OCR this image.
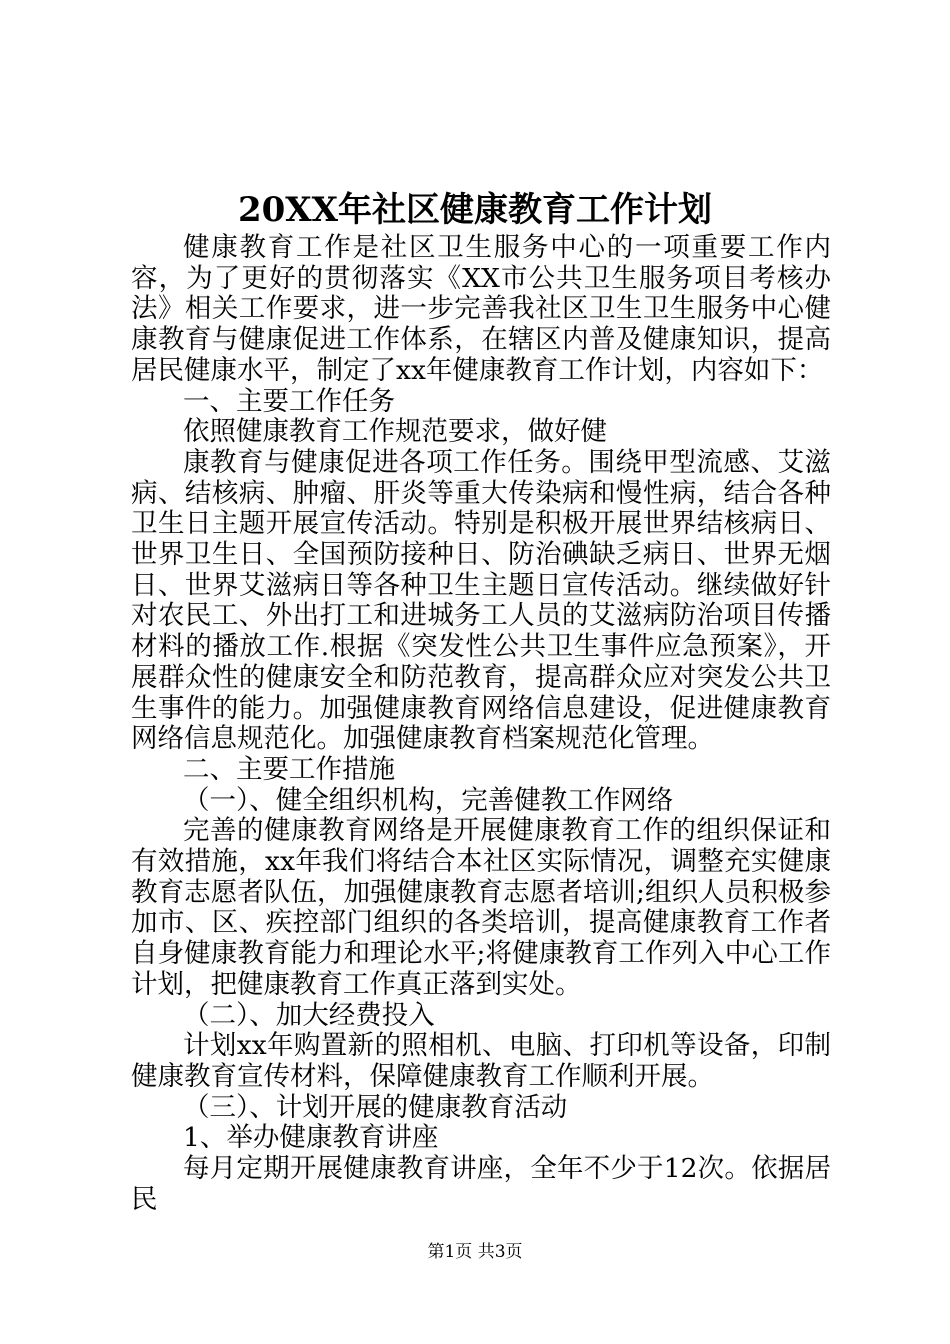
20XX年社区健康教育工作计划

健康教育工作是社区卫生服务中心的一项重要工作内容，为了更好的贯彻落实《XX市公共卫生服务项目考核办法》相关工作要求，进一步完善我社区卫生卫生服务中心健康教育与健康促进工作体系，在辖区内普及健康知识，提高居民健康水平，制定了xx年健康教育工作计划，内容如下：

一、主要工作任务

依照健康教育工作规范要求，做好健

康教育与健康促进各项工作任务。围绕甲型流感、艾滋病、结核病、肿瘤、肝炎等重大传染病和慢性病，结合各种卫生日主题开展宣传活动。特别是积极开展世界结核病日、世界卫生日、全国预防接种日、防治碘缺乏病日、世界无烟日、世界艾滋病日等各种卫生主题日宣传活动。继续做好针对农民工、外出打工和进城务工人员的艾滋病防治项目传播材料的播放工作.根据《突发性公共卫生事件应急预案》，开展群众性的健康安全和防范教育，提高群众应对突发公共卫生事件的能力。加强健康教育网络信息建设，促进健康教育网络信息规范化。加强健康教育档案规范化管理。

二、主要工作措施

（一）、健全组织机构，完善健教工作网络

完善的健康教育网络是开展健康教育工作的组织保证和有效措施，xx年我们将结合本社区实际情况，调整充实健康教育志愿者队伍，加强健康教育志愿者培训;组织人员积极参加市、区、疾控部门组织的各类培训，提高健康教育工作者自身健康教育能力和理论水平;将健康教育工作列入中心工作计划，把健康教育工作真正落到实处。

（二）、加大经费投入

计划xx年购置新的照相机、电脑、打印机等设备，印制健康教育宣传材料，保障健康教育工作顺利开展。

（三）、计划开展的健康教育活动

1、举办健康教育讲座

每月定期开展健康教育讲座，全年不少于12次。依据居民

第1页 共3页
